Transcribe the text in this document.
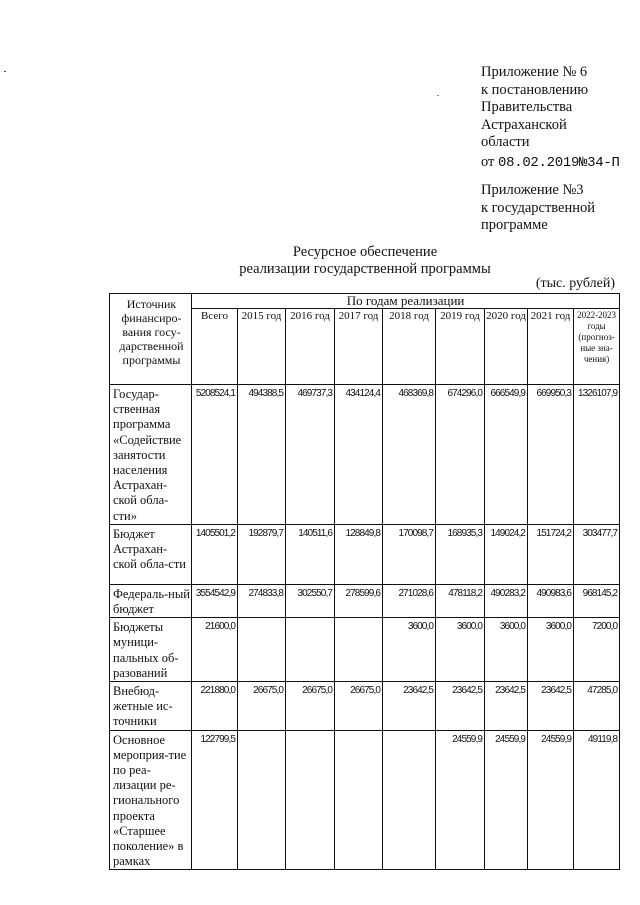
Приложение № 6
к постановлению
Правительства
Астраханской
области
от 08.02.2019№34-П
Приложение №3
к государственной
программе
Ресурсное обеспечение
реализации государственной программы
(тыс. рублей)
Источник финансиро-вания госу-дарственной программы	По годам реализации								
	Всего	2015 год	2016 год	2017 год	2018 год	2019 год	2020 год	2021 год	2022-2023 годы (прогноз-ные зна-чения)
Государ-ственная программа «Содействие занятости населения Астрахан-ской обла-сти»	5208524,1	494388,5	469737,3	434124,4	468369,8	674296,0	666549,9	669950,3	1326107,9
Бюджет Астрахан-ской обла-сти	1405501,2	192879,7	140511,6	128849,8	170098,7	168935,3	149024,2	151724,2	303477,7
Федераль-ный бюджет	3554542,9	274833,8	302550,7	278599,6	271028,6	478118,2	490283,2	490983,6	968145,2
Бюджеты муници-пальных об-разований	21600,0				3600,0	3600,0	3600,0	3600,0	7200,0
Внебюд-жетные ис-точники	221880,0	26675,0	26675,0	26675,0	23642,5	23642,5	23642,5	23642,5	47285,0
Основное мероприя-тие по реа-лизации ре-гионального проекта «Старшее поколение» в рамках	122799,5					24559,9	24559,9	24559,9	49119,8
